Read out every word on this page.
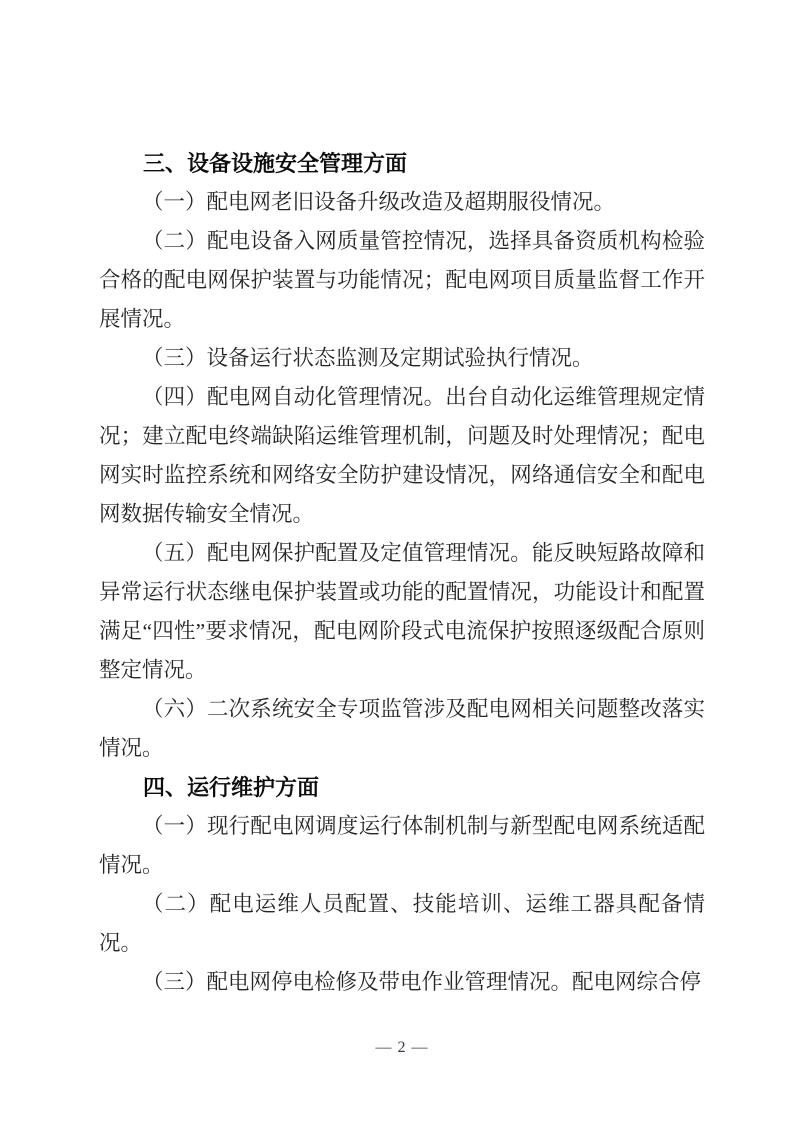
三、设备设施安全管理方面

（一）配电网老旧设备升级改造及超期服役情况。

（二）配电设备入网质量管控情况，选择具备资质机构检验合格的配电网保护装置与功能情况；配电网项目质量监督工作开展情况。

（三）设备运行状态监测及定期试验执行情况。

（四）配电网自动化管理情况。出台自动化运维管理规定情况；建立配电终端缺陷运维管理机制，问题及时处理情况；配电网实时监控系统和网络安全防护建设情况，网络通信安全和配电网数据传输安全情况。

（五）配电网保护配置及定值管理情况。能反映短路故障和异常运行状态继电保护装置或功能的配置情况，功能设计和配置满足“四性”要求情况，配电网阶段式电流保护按照逐级配合原则整定情况。

（六）二次系统安全专项监管涉及配电网相关问题整改落实情况。

四、运行维护方面

（一）现行配电网调度运行体制机制与新型配电网系统适配情况。

（二）配电运维人员配置、技能培训、运维工器具配备情况。

（三）配电网停电检修及带电作业管理情况。配电网综合停

— 2 —
